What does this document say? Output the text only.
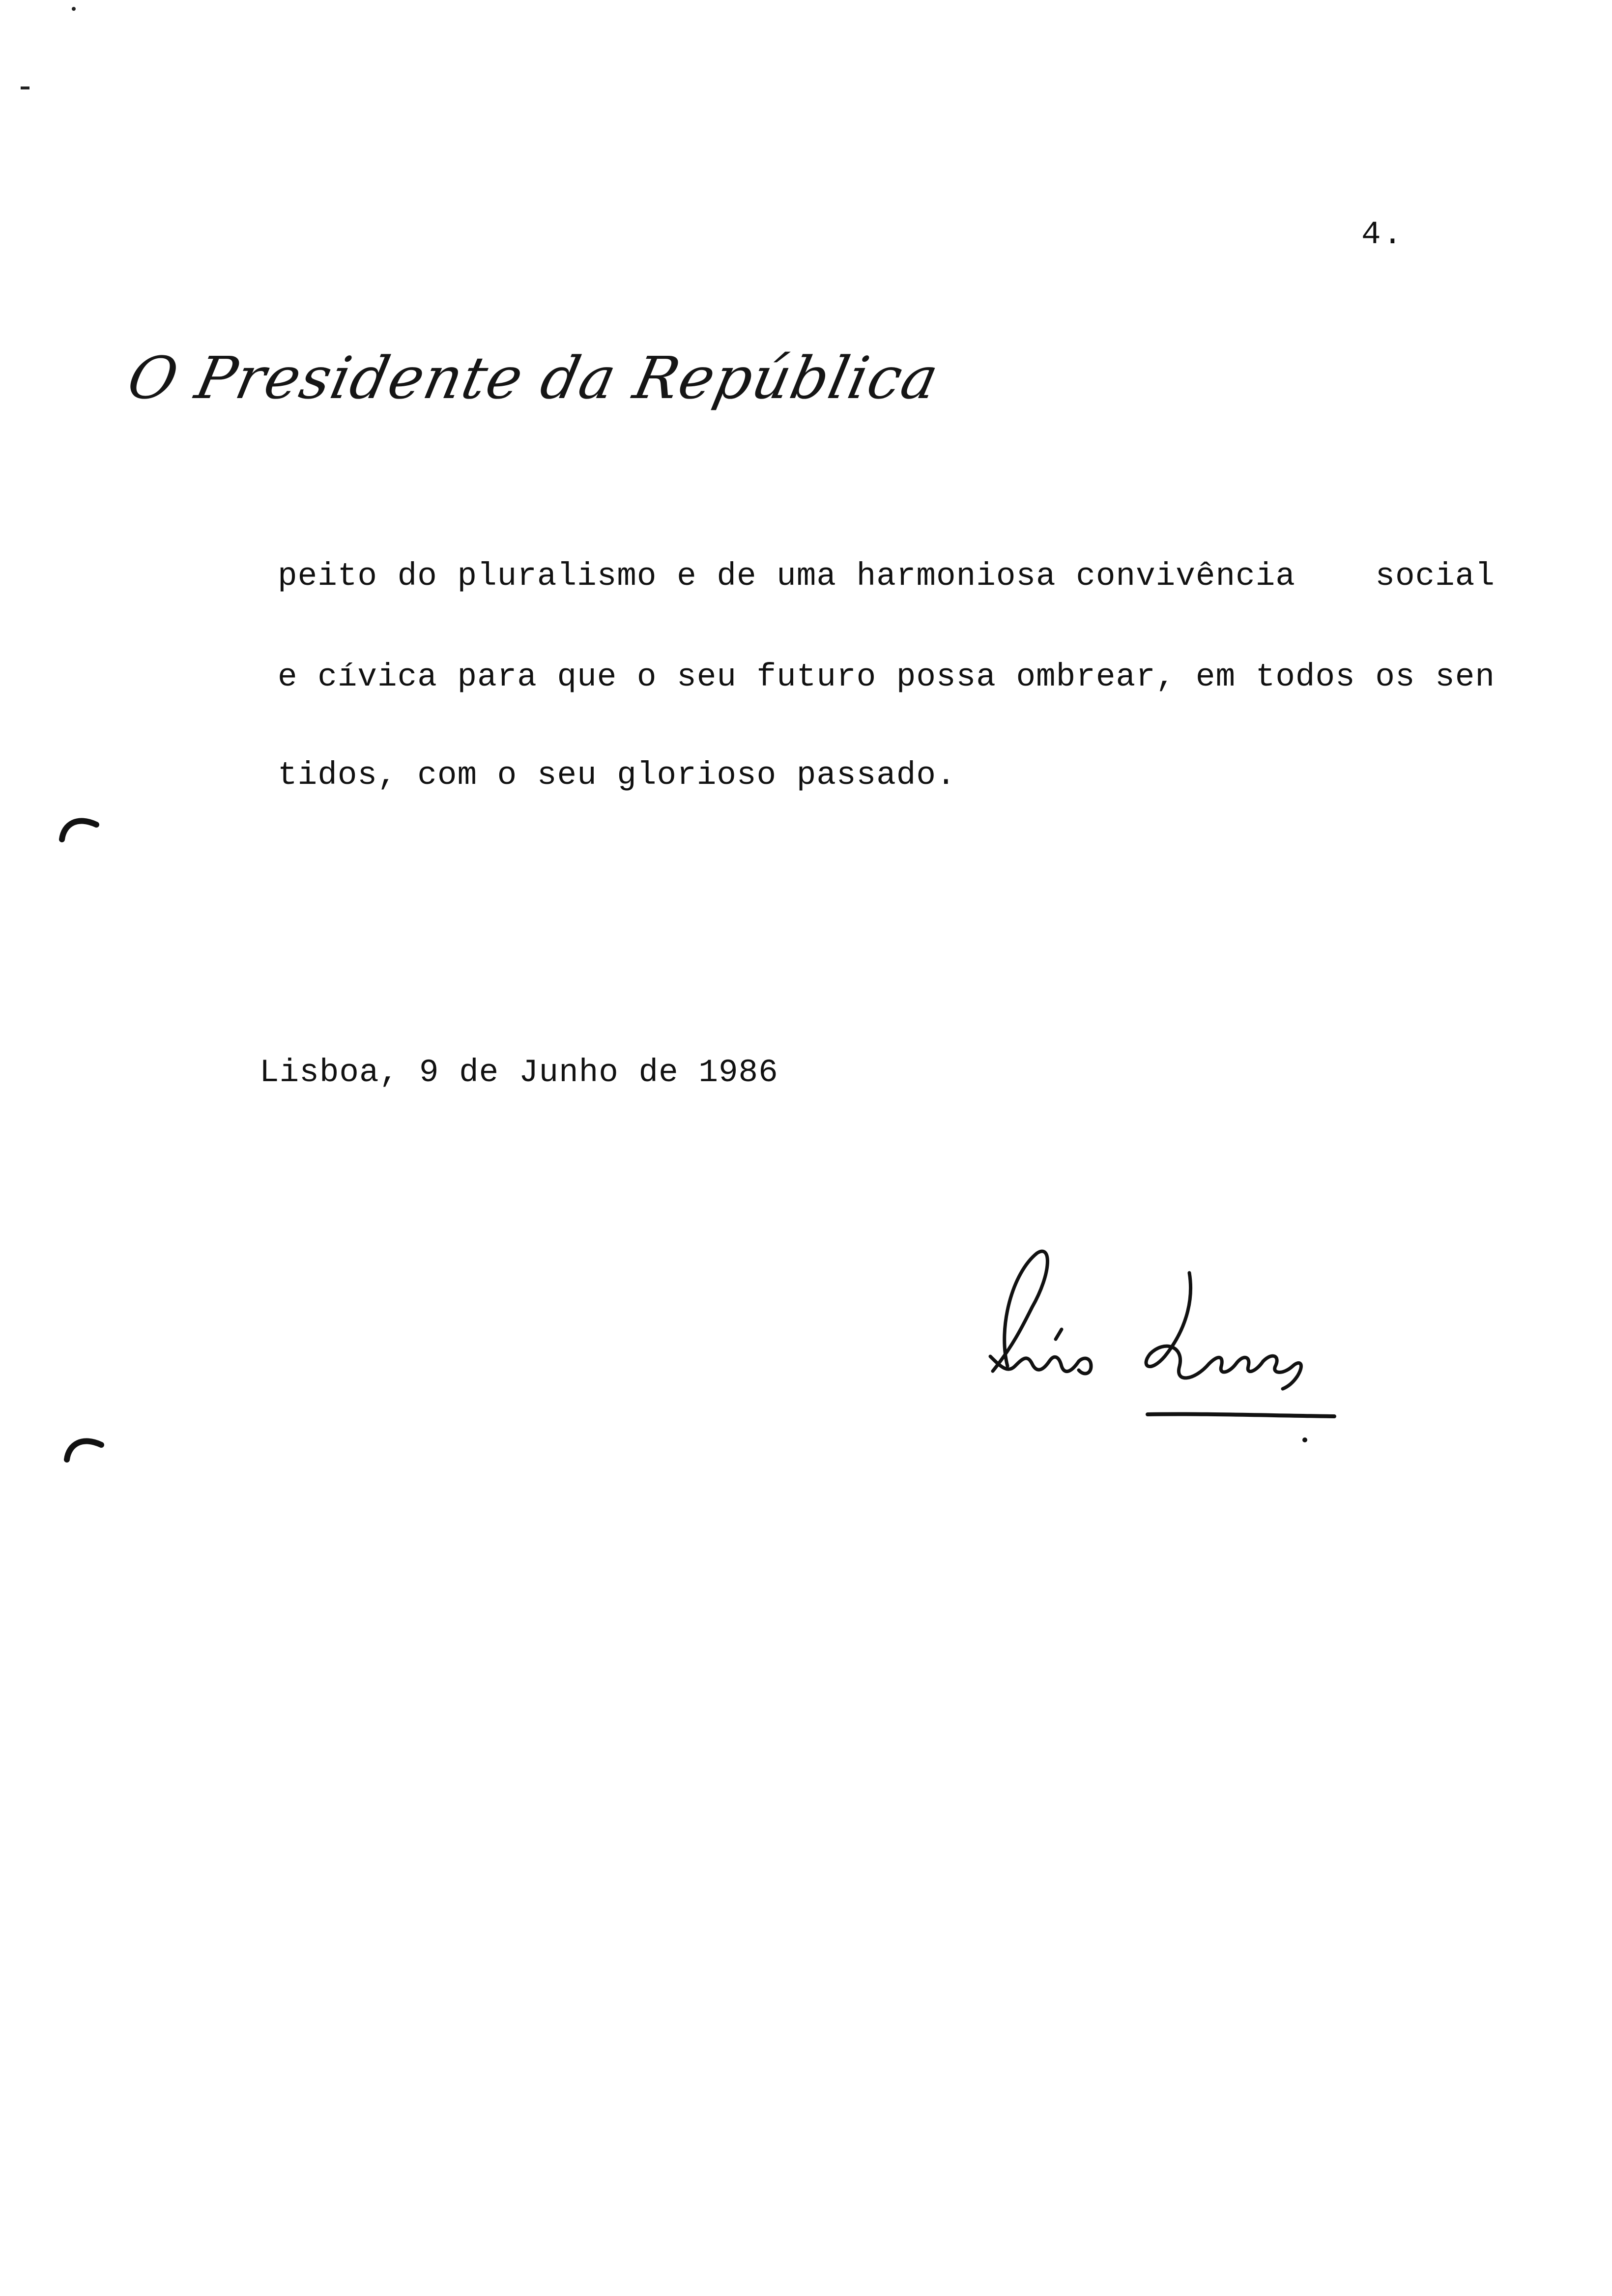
4.
O Presidente da República
peito do pluralismo e de uma harmoniosa convivência    social
e cívica para que o seu futuro possa ombrear, em todos os sen
tidos, com o seu glorioso passado.
Lisboa, 9 de Junho de 1986
